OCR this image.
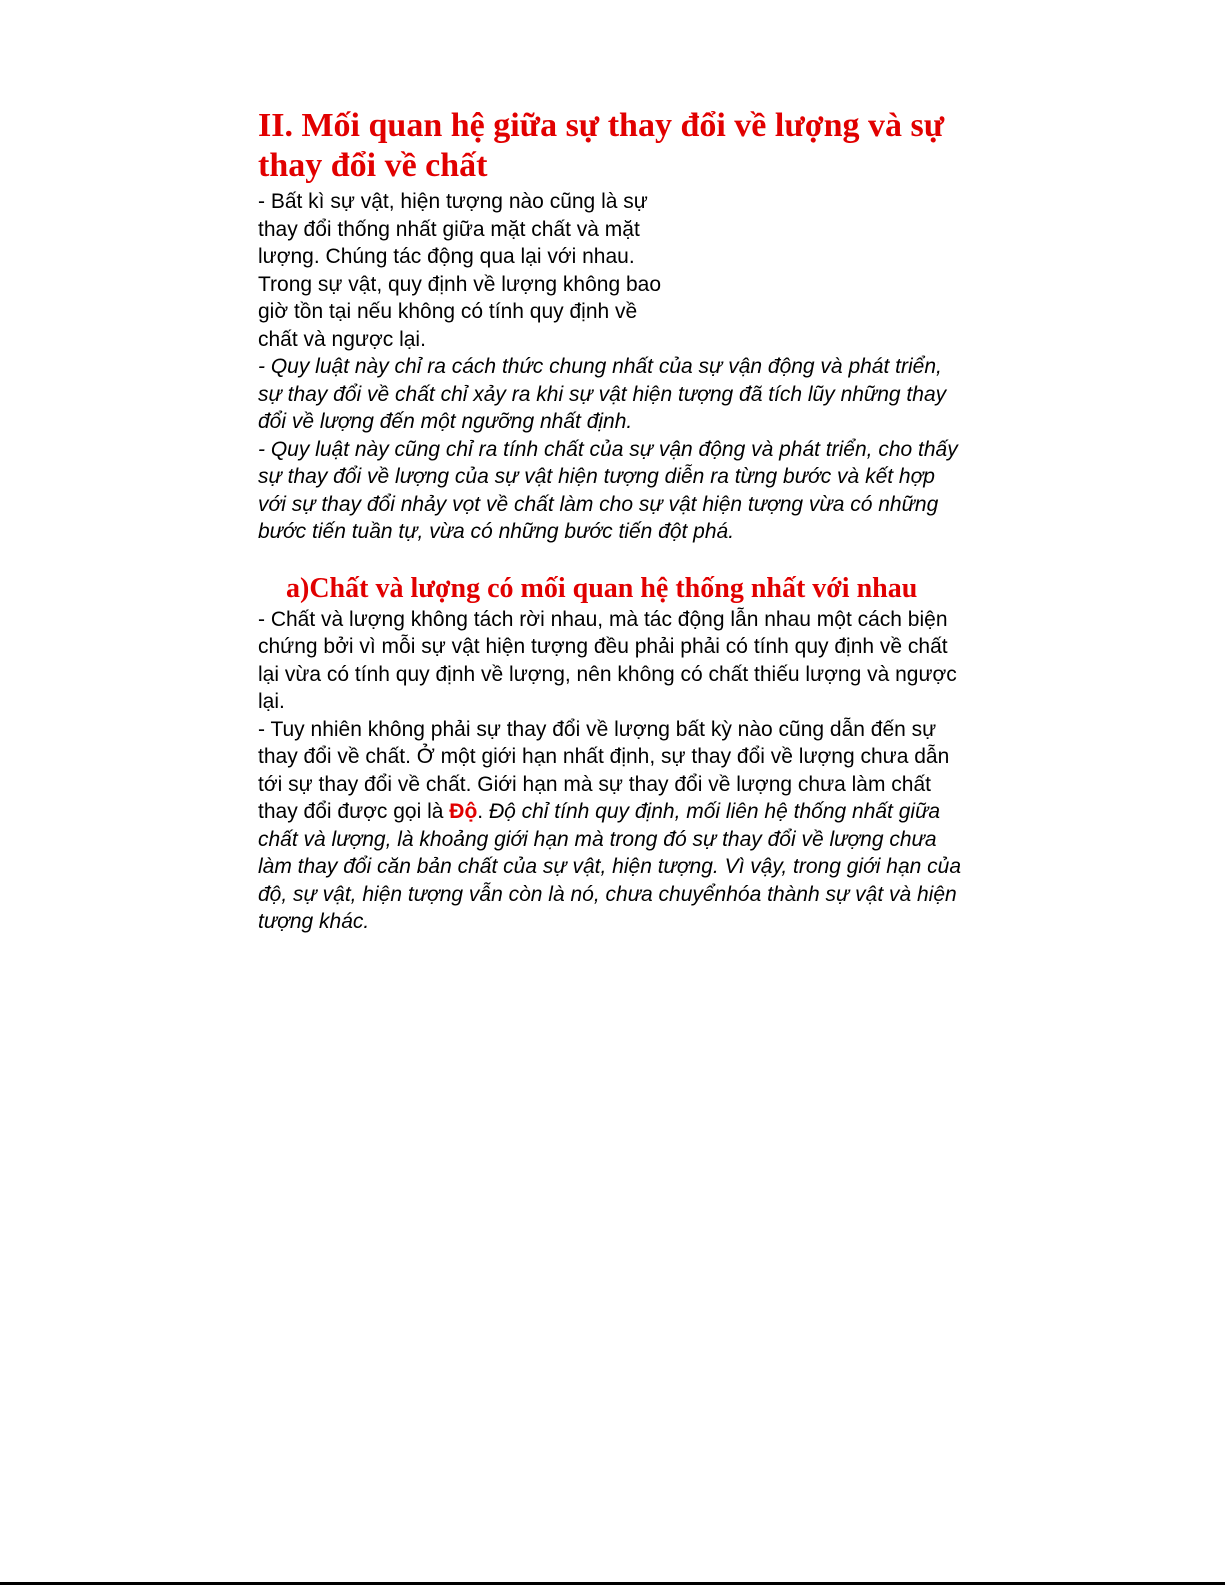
II. Mối quan hệ giữa sự thay đổi về lượng và sự thay đổi về chất

- Bất kì sự vật, hiện tượng nào cũng là sự thay đổi thống nhất giữa mặt chất và mặt lượng. Chúng tác động qua lại với nhau. Trong sự vật, quy định về lượng không bao giờ tồn tại nếu không có tính quy định về chất và ngược lại.

- Quy luật này chỉ ra cách thức chung nhất của sự vận động và phát triển, sự thay đổi về chất chỉ xảy ra khi sự vật hiện tượng đã tích lũy những thay đổi về lượng đến một ngưỡng nhất định.

- Quy luật này cũng chỉ ra tính chất của sự vận động và phát triển, cho thấy sự thay đổi về lượng của sự vật hiện tượng diễn ra từng bước và kết hợp với sự thay đổi nhảy vọt về chất làm cho sự vật hiện tượng vừa có những bước tiến tuần tự, vừa có những bước tiến đột phá.

a)Chất và lượng có mối quan hệ thống nhất với nhau

- Chất và lượng không tách rời nhau, mà tác động lẫn nhau một cách biện chứng bởi vì mỗi sự vật hiện tượng đều phải phải có tính quy định về chất lại vừa có tính quy định về lượng, nên không có chất thiếu lượng và ngược lại.

- Tuy nhiên không phải sự thay đổi về lượng bất kỳ nào cũng dẫn đến sự thay đổi về chất. Ở một giới hạn nhất định, sự thay đổi về lượng chưa dẫn tới sự thay đổi về chất. Giới hạn mà sự thay đổi về lượng chưa làm chất thay đổi được gọi là Độ. Độ chỉ tính quy định, mối liên hệ thống nhất giữa chất và lượng, là khoảng giới hạn mà trong đó sự thay đổi về lượng chưa làm thay đổi căn bản chất của sự vật, hiện tượng. Vì vậy, trong giới hạn của độ, sự vật, hiện tượng vẫn còn là nó, chưa chuyểnhóa thành sự vật và hiện tượng khác.
